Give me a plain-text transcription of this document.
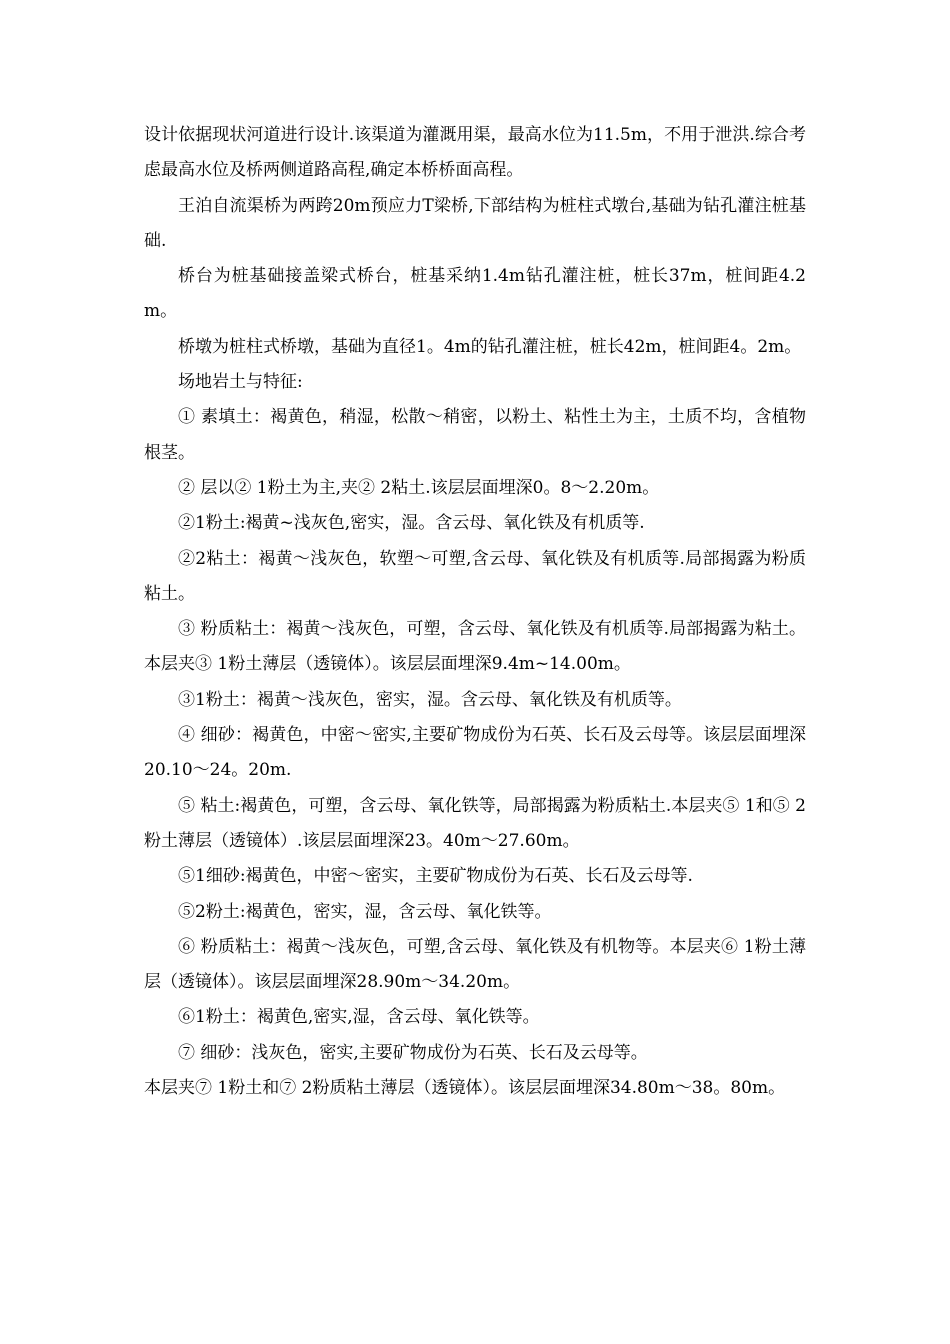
设计依据现状河道进行设计.该渠道为灌溉用渠，最高水位为11.5m，不用于泄洪.综合考虑最高水位及桥两侧道路高程,确定本桥桥面高程。

王泊自流渠桥为两跨20m预应力T梁桥,下部结构为桩柱式墩台,基础为钻孔灌注桩基础.

桥台为桩基础接盖梁式桥台，桩基采纳1.4m钻孔灌注桩，桩长37m，桩间距4.2m。

桥墩为桩柱式桥墩，基础为直径1。4m的钻孔灌注桩，桩长42m，桩间距4。2m。

场地岩土与特征:

① 素填土：褐黄色，稍湿，松散～稍密，以粉土、粘性土为主，土质不均，含植物根茎。

② 层以② 1粉土为主,夹② 2粘土.该层层面埋深0。8～2.20m。

②1粉土:褐黄~浅灰色,密实，湿。含云母、氧化铁及有机质等.

②2粘土：褐黄～浅灰色，软塑～可塑,含云母、氧化铁及有机质等.局部揭露为粉质粘土。

③ 粉质粘土：褐黄～浅灰色，可塑，含云母、氧化铁及有机质等.局部揭露为粘土。本层夹③ 1粉土薄层（透镜体）。该层层面埋深9.4m~14.00m。

③1粉土：褐黄～浅灰色，密实，湿。含云母、氧化铁及有机质等。

④ 细砂：褐黄色，中密～密实,主要矿物成份为石英、长石及云母等。该层层面埋深20.10～24。20m.

⑤ 粘土:褐黄色，可塑，含云母、氧化铁等，局部揭露为粉质粘土.本层夹⑤ 1和⑤ 2粉土薄层（透镜体）.该层层面埋深23。40m～27.60m。

⑤1细砂:褐黄色，中密～密实，主要矿物成份为石英、长石及云母等.

⑤2粉土:褐黄色，密实，湿，含云母、氧化铁等。

⑥ 粉质粘土：褐黄～浅灰色，可塑,含云母、氧化铁及有机物等。本层夹⑥ 1粉土薄层（透镜体）。该层层面埋深28.90m～34.20m。

⑥1粉土：褐黄色,密实,湿，含云母、氧化铁等。

⑦ 细砂：浅灰色，密实,主要矿物成份为石英、长石及云母等。

本层夹⑦ 1粉土和⑦ 2粉质粘土薄层（透镜体）。该层层面埋深34.80m～38。80m。
